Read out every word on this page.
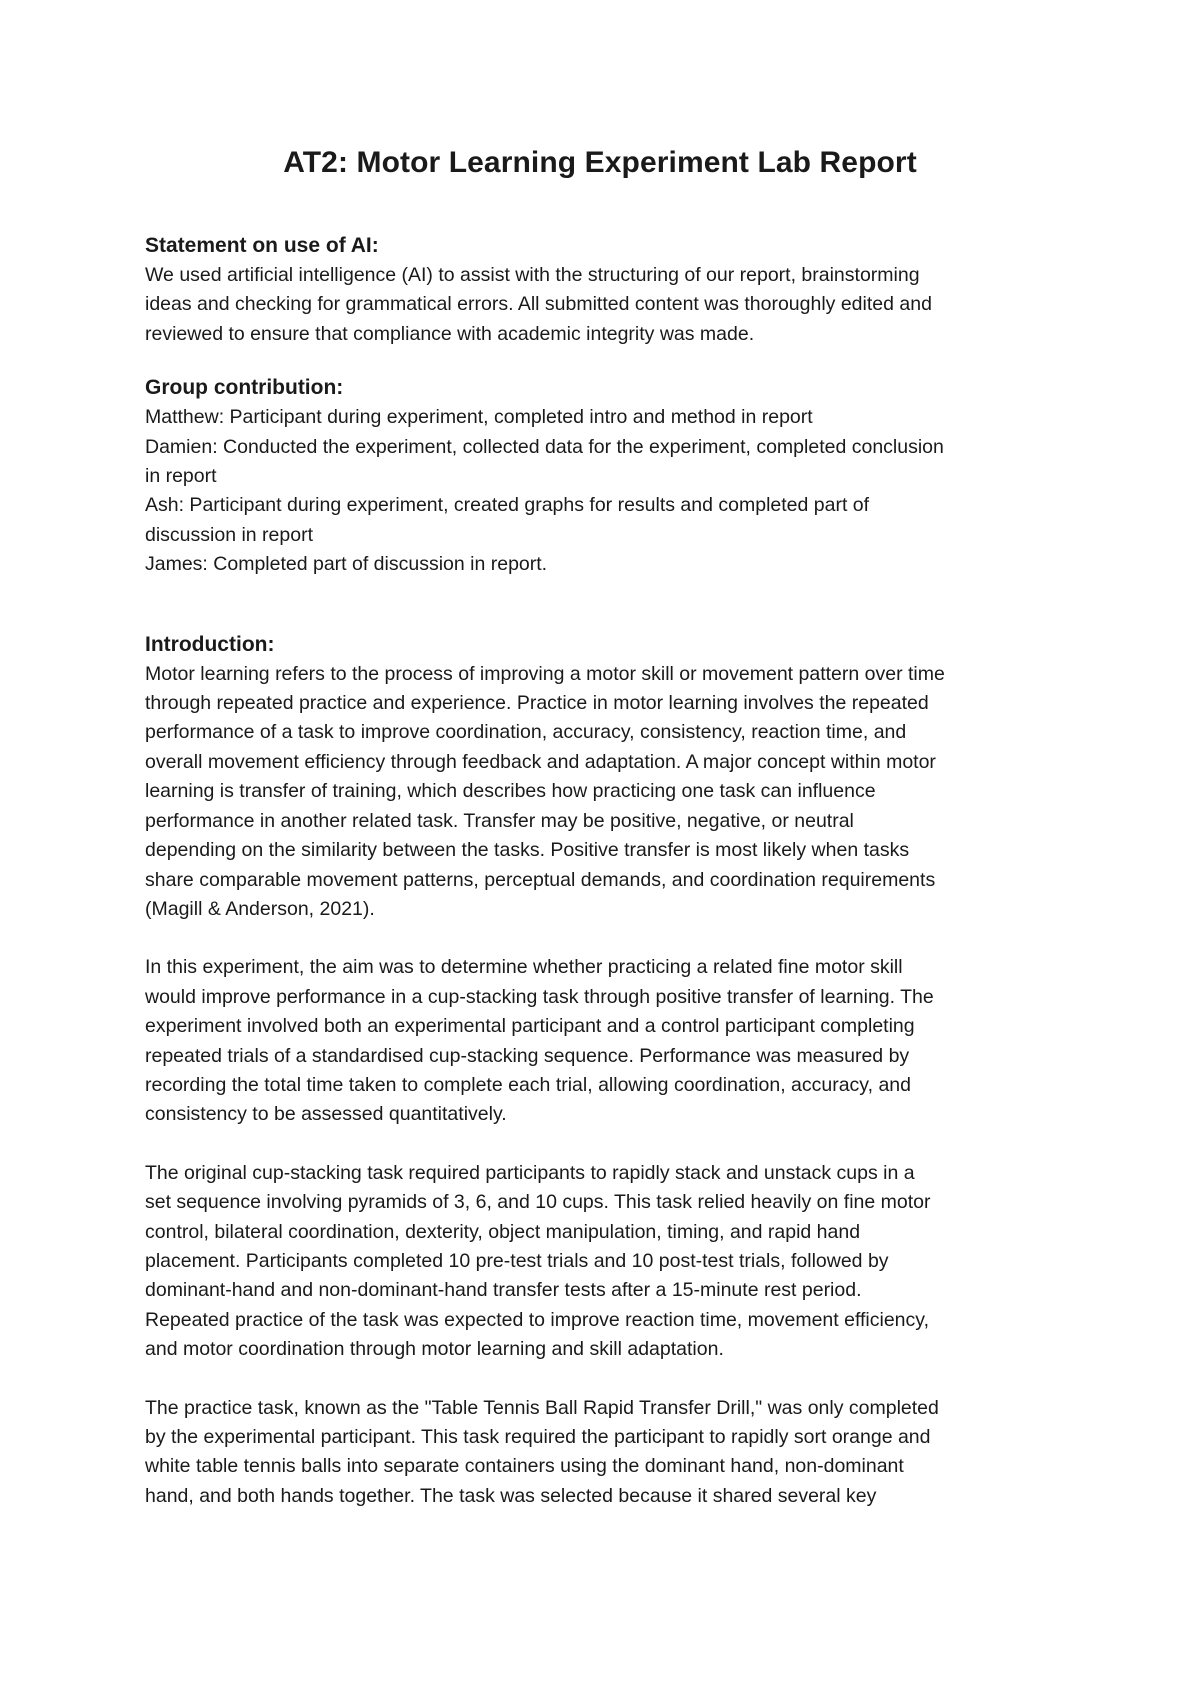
AT2: Motor Learning Experiment Lab Report

Statement on use of AI:

We used artificial intelligence (AI) to assist with the structuring of our report, brainstorming

ideas and checking for grammatical errors. All submitted content was thoroughly edited and

reviewed to ensure that compliance with academic integrity was made.

Group contribution:

Matthew: Participant during experiment, completed intro and method in report

Damien: Conducted the experiment, collected data for the experiment, completed conclusion

in report

Ash: Participant during experiment, created graphs for results and completed part of

discussion in report

James: Completed part of discussion in report.

Introduction:

Motor learning refers to the process of improving a motor skill or movement pattern over time

through repeated practice and experience. Practice in motor learning involves the repeated

performance of a task to improve coordination, accuracy, consistency, reaction time, and

overall movement efficiency through feedback and adaptation. A major concept within motor

learning is transfer of training, which describes how practicing one task can influence

performance in another related task. Transfer may be positive, negative, or neutral

depending on the similarity between the tasks. Positive transfer is most likely when tasks

share comparable movement patterns, perceptual demands, and coordination requirements

(Magill & Anderson, 2021).

In this experiment, the aim was to determine whether practicing a related fine motor skill

would improve performance in a cup-stacking task through positive transfer of learning. The

experiment involved both an experimental participant and a control participant completing

repeated trials of a standardised cup-stacking sequence. Performance was measured by

recording the total time taken to complete each trial, allowing coordination, accuracy, and

consistency to be assessed quantitatively.

The original cup-stacking task required participants to rapidly stack and unstack cups in a

set sequence involving pyramids of 3, 6, and 10 cups. This task relied heavily on fine motor

control, bilateral coordination, dexterity, object manipulation, timing, and rapid hand

placement. Participants completed 10 pre-test trials and 10 post-test trials, followed by

dominant-hand and non-dominant-hand transfer tests after a 15-minute rest period.

Repeated practice of the task was expected to improve reaction time, movement efficiency,

and motor coordination through motor learning and skill adaptation.

The practice task, known as the "Table Tennis Ball Rapid Transfer Drill," was only completed

by the experimental participant. This task required the participant to rapidly sort orange and

white table tennis balls into separate containers using the dominant hand, non-dominant

hand, and both hands together. The task was selected because it shared several key
